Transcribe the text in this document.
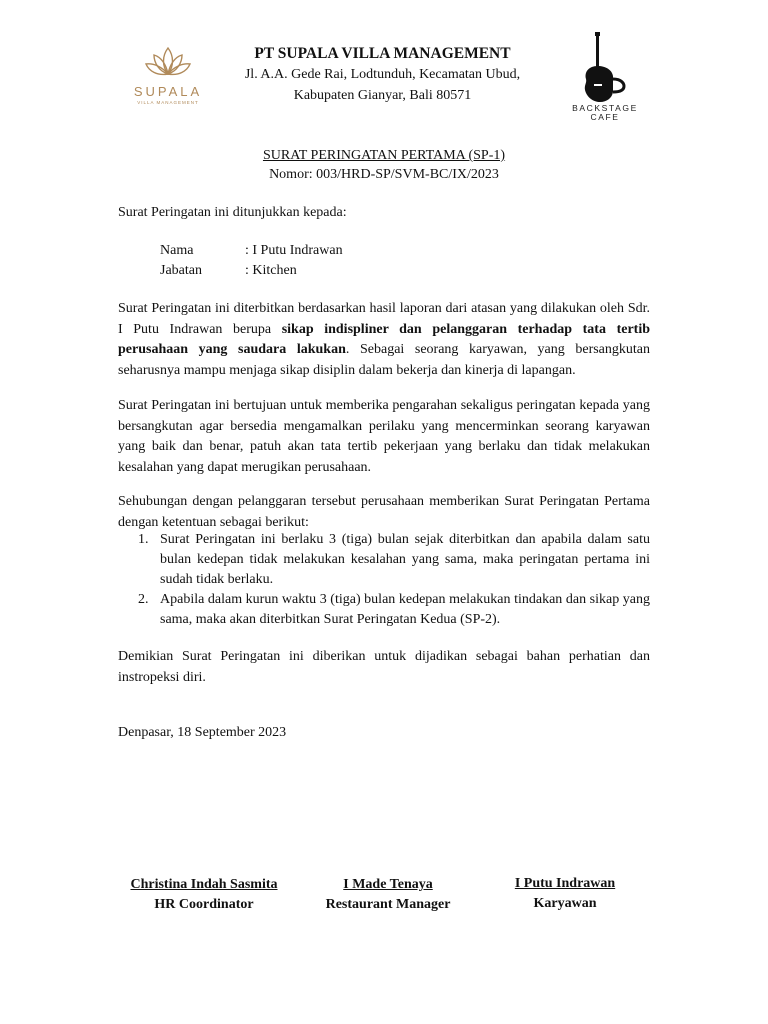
SUPALA
VILLA MANAGEMENT
PT SUPALA VILLA MANAGEMENT
Jl. A.A. Gede Rai, Lodtunduh, Kecamatan Ubud,
Kabupaten Gianyar, Bali 80571
BACKSTAGE
CAFE
SURAT PERINGATAN PERTAMA (SP-1)
Nomor: 003/HRD-SP/SVM-BC/IX/2023
Surat Peringatan ini ditunjukkan kepada:
Nama	: I Putu Indrawan
Jabatan	: Kitchen
Surat Peringatan ini diterbitkan berdasarkan hasil laporan dari atasan yang dilakukan oleh Sdr. I Putu Indrawan berupa sikap indispliner dan pelanggaran terhadap tata tertib perusahaan yang saudara lakukan. Sebagai seorang karyawan, yang bersangkutan seharusnya mampu menjaga sikap disiplin dalam bekerja dan kinerja di lapangan.
Surat Peringatan ini bertujuan untuk memberika pengarahan sekaligus peringatan kepada yang bersangkutan agar bersedia mengamalkan perilaku yang mencerminkan seorang karyawan yang baik dan benar, patuh akan tata tertib pekerjaan yang berlaku dan tidak melakukan kesalahan yang dapat merugikan perusahaan.
Sehubungan dengan pelanggaran tersebut perusahaan memberikan Surat Peringatan Pertama dengan ketentuan sebagai berikut:
1. Surat Peringatan ini berlaku 3 (tiga) bulan sejak diterbitkan dan apabila dalam satu bulan kedepan tidak melakukan kesalahan yang sama, maka peringatan pertama ini sudah tidak berlaku.
2. Apabila dalam kurun waktu 3 (tiga) bulan kedepan melakukan tindakan dan sikap yang sama, maka akan diterbitkan Surat Peringatan Kedua (SP-2).
Demikian Surat Peringatan ini diberikan untuk dijadikan sebagai bahan perhatian dan instropeksi diri.
Denpasar, 18 September 2023
Christina Indah Sasmita
HR Coordinator
I Made Tenaya
Restaurant Manager
I Putu Indrawan
Karyawan
